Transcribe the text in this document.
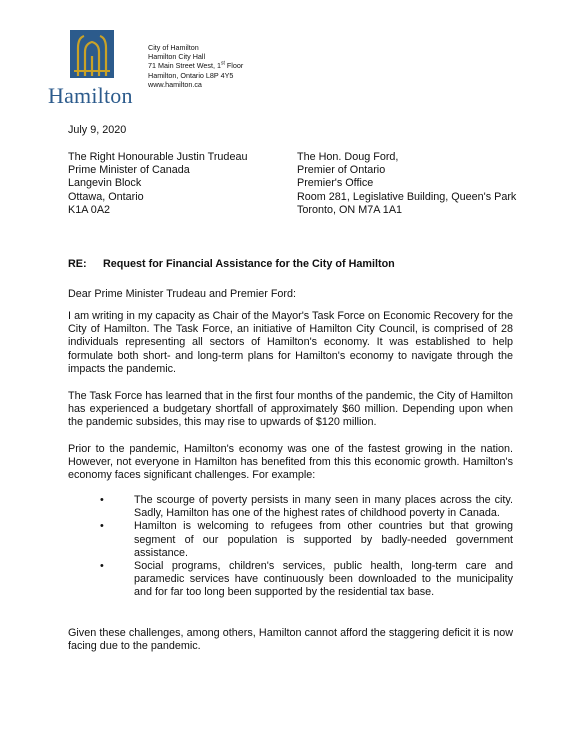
Hamilton
City of Hamilton
Hamilton City Hall
71 Main Street West, 1st Floor
Hamilton, Ontario L8P 4Y5
www.hamilton.ca
July 9, 2020
The Right Honourable Justin Trudeau
Prime Minister of Canada
Langevin Block
Ottawa, Ontario
K1A 0A2
The Hon. Doug Ford,
Premier of Ontario
Premier's Office
Room 281, Legislative Building, Queen's Park
Toronto, ON M7A 1A1
RE: Request for Financial Assistance for the City of Hamilton
Dear Prime Minister Trudeau and Premier Ford:
I am writing in my capacity as Chair of the Mayor's Task Force on Economic Recovery for the City of Hamilton. The Task Force, an initiative of Hamilton City Council, is comprised of 28 individuals representing all sectors of Hamilton's economy. It was established to help formulate both short- and long-term plans for Hamilton's economy to navigate through the impacts the pandemic.
The Task Force has learned that in the first four months of the pandemic, the City of Hamilton has experienced a budgetary shortfall of approximately $60 million. Depending upon when the pandemic subsides, this may rise to upwards of $120 million.
Prior to the pandemic, Hamilton's economy was one of the fastest growing in the nation. However, not everyone in Hamilton has benefited from this this economic growth. Hamilton's economy faces significant challenges. For example:
•	The scourge of poverty persists in many seen in many places across the city. Sadly, Hamilton has one of the highest rates of childhood poverty in Canada.
•	Hamilton is welcoming to refugees from other countries but that growing segment of our population is supported by badly-needed government assistance.
•	Social programs, children's services, public health, long-term care and paramedic services have continuously been downloaded to the municipality and for far too long been supported by the residential tax base.
Given these challenges, among others, Hamilton cannot afford the staggering deficit it is now facing due to the pandemic.
